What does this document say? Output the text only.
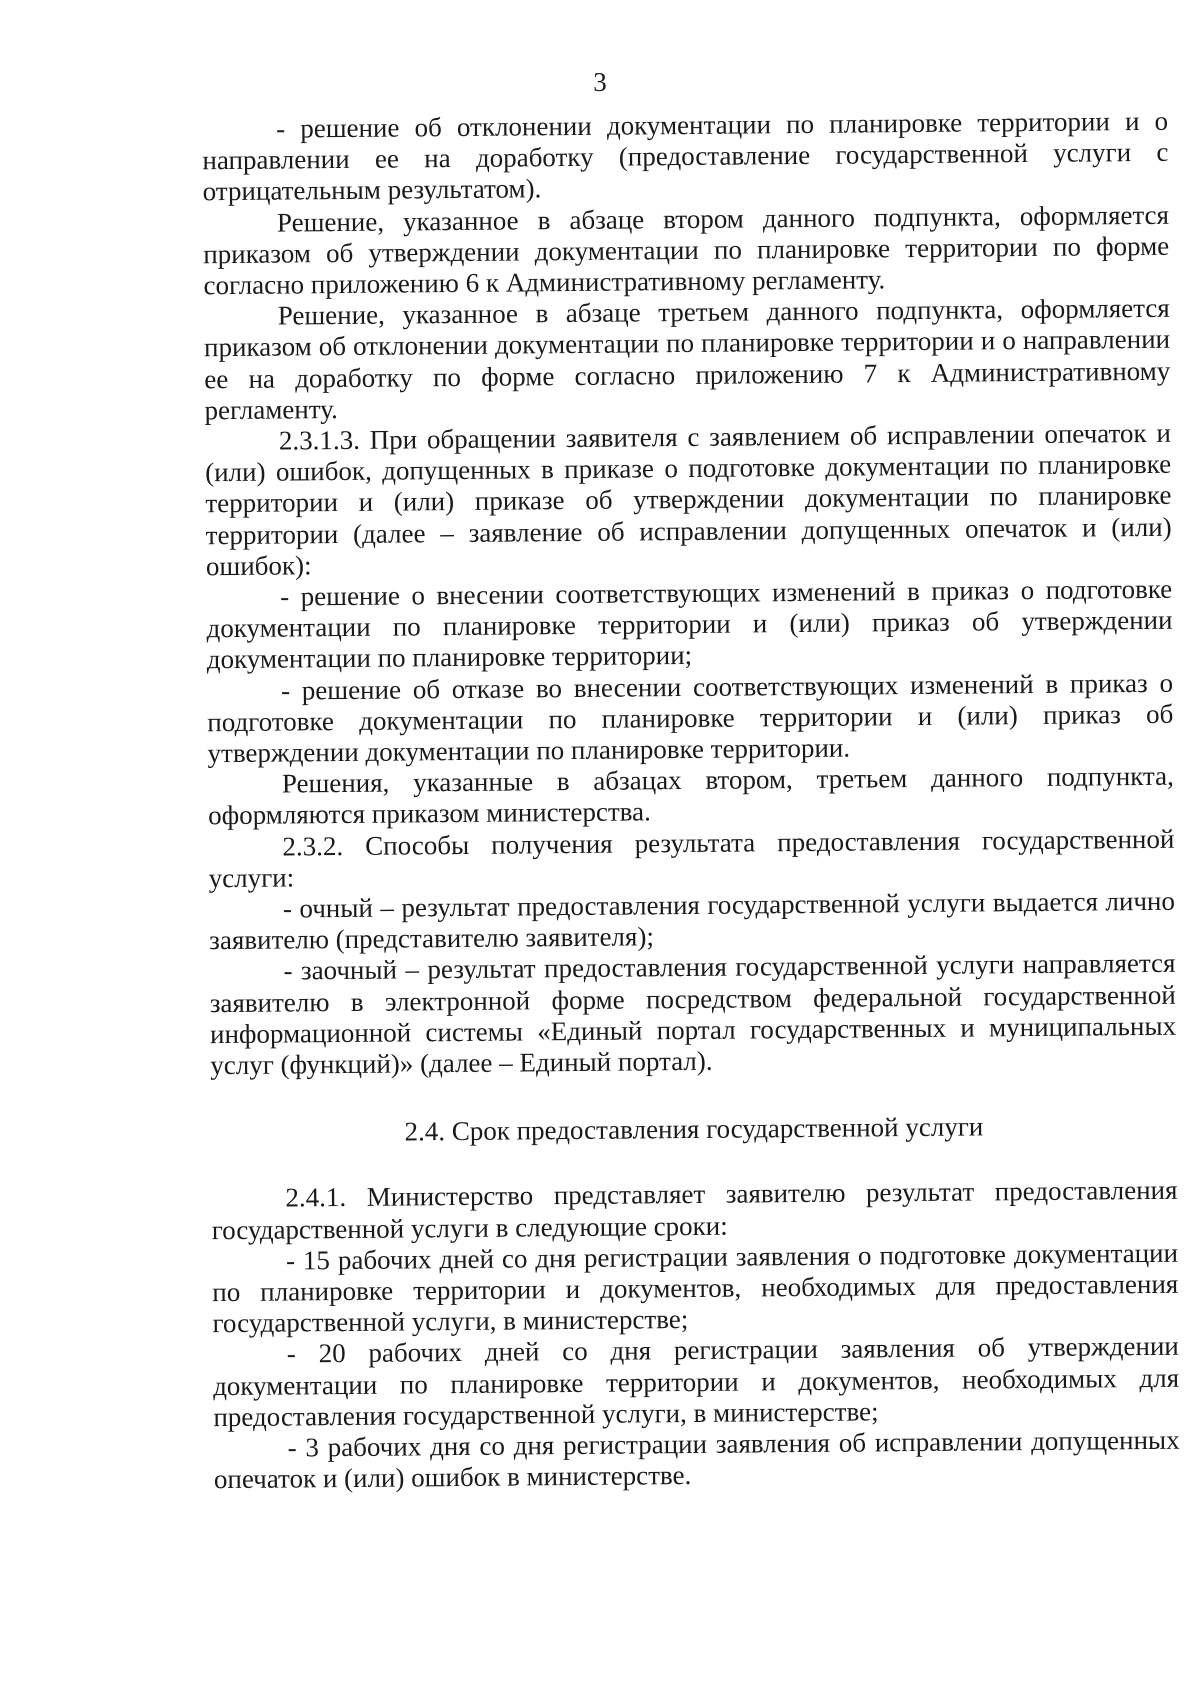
3

- решение об отклонении документации по планировке территории и о направлении ее на доработку (предоставление государственной услуги с отрицательным результатом).

Решение, указанное в абзаце втором данного подпункта, оформляется приказом об утверждении документации по планировке территории по форме согласно приложению 6 к Административному регламенту.

Решение, указанное в абзаце третьем данного подпункта, оформляется приказом об отклонении документации по планировке территории и о направлении ее на доработку по форме согласно приложению 7 к Административному регламенту.

2.3.1.3. При обращении заявителя с заявлением об исправлении опечаток и (или) ошибок, допущенных в приказе о подготовке документации по планировке территории и (или) приказе об утверждении документации по планировке территории (далее – заявление об исправлении допущенных опечаток и (или) ошибок):

- решение о внесении соответствующих изменений в приказ о подготовке документации по планировке территории и (или) приказ об утверждении документации по планировке территории;

- решение об отказе во внесении соответствующих изменений в приказ о подготовке документации по планировке территории и (или) приказ об утверждении документации по планировке территории.

Решения, указанные в абзацах втором, третьем данного подпункта, оформляются приказом министерства.

2.3.2. Способы получения результата предоставления государственной услуги:

- очный – результат предоставления государственной услуги выдается лично заявителю (представителю заявителя);

- заочный – результат предоставления государственной услуги направляется заявителю в электронной форме посредством федеральной государственной информационной системы «Единый портал государственных и муниципальных услуг (функций)» (далее – Единый портал).

2.4. Срок предоставления государственной услуги

2.4.1. Министерство представляет заявителю результат предоставления государственной услуги в следующие сроки:

- 15 рабочих дней со дня регистрации заявления о подготовке документации по планировке территории и документов, необходимых для предоставления государственной услуги, в министерстве;

- 20 рабочих дней со дня регистрации заявления об утверждении документации по планировке территории и документов, необходимых для предоставления государственной услуги, в министерстве;

- 3 рабочих дня со дня регистрации заявления об исправлении допущенных опечаток и (или) ошибок в министерстве.
